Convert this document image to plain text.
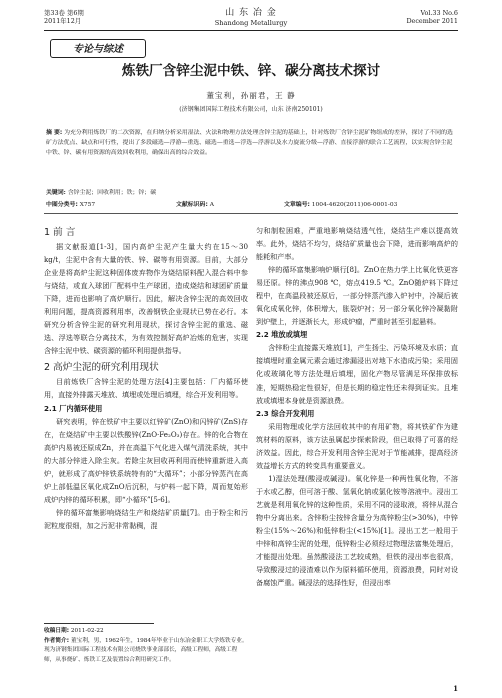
第33卷 第6期
2011年12月
山 东 冶 金
Shandong Metallurgy
Vol.33 No.6
December 2011
专论与综述
炼铁厂含锌尘泥中铁、锌、碳分离技术探讨
董宝利，孙丽君，王 静
(济钢集团国际工程技术有限公司，山东 济南250101)
摘 要: 为充分利用炼铁厂的二次资源，在归纳分析采用湿法、火法和物理方法处理含锌尘泥的基础上，针对炼铁厂含锌尘泥矿物组成的差异，探讨了不同的选矿方法优点、缺点和可行性，提出了多段磁选—浮游—重选、磁选—重选—浮选—浮游以及水力旋流分级—浮游、直接浮游的联合工艺流程，以实现含锌尘泥中铁、锌、碳有用资源的高效回收利用，确保出高的综合效益。
关键词: 含锌尘泥；回收利用；铁；锌；碳
中图分类号: X757	文献标识码: A	文章编号: 1004-4620(2011)06-0001-03
1 前 言

据文献报道[1-3]，国内高炉尘泥产生量大约在15～30 kg/t，尘泥中含有大量的铁、锌、碳等有用资源。目前，大部分企业是将高炉尘泥这种固体废弃物作为烧结原料配入混合料中参与烧结，或直入球团厂配料中生产球团，造成烧结和球团矿质量下降，进而也影响了高炉顺行。因此，解决含锌尘泥的高效回收利用问题，提高资源利用率，改善钢铁企业现状已势在必行。本研究分析含锌尘泥的研究利用现状，探讨含锌尘泥的重选、磁选、浮选等联合分离技术，为有效控制好高炉冶炼的危害，实现含锌尘泥中铁、碳资源的循环利用提供指导。

2 高炉尘泥的研究利用现状

目前炼铁厂含锌尘泥的处理方法[4]主要包括：厂内循环使用，直接外排露天堆放、填埋或处理后填埋，综合开发利用等。

2.1 厂内循环使用

研究表明，锌在铁矿中主要以红锌矿(ZnO)和闪锌矿(ZnS)存在，在烧结矿中主要以铁酸锌(ZnO·Fe₂O₃)存在。锌的化合物在高炉内易被还原成Zn，并在高温下气化进入煤气清洗系统，其中的大部分锌进入除尘灰。若除尘灰回收再利用而使锌重新进入高炉，就形成了高炉锌铁系统特有的“大循环”；小部分锌蒸汽在高炉上部低温区氧化成ZnO后沉积，与炉料一起下降，周而复始形成炉内锌的循环积累，即“小循环”[5-6]。

锌的循环富集影响烧结生产和烧结矿质量[7]。由于粉尘和污泥粒度很细，加之污泥非常黏稠，混

收稿日期: 2011-02-22
作者简介: 董宝利，男，1962年生，1984年毕业于山东冶金职工大学炼铁专业。现为济钢集团国际工程技术有限公司烧铁事业部部长，高级工程师，高级工程师，从事烧矿、炼铁工艺及装置综合利用研究工作。

匀和制粒困难，严重地影响烧结透气性，烧结生产难以提高效率。此外，烧结不均匀，烧结矿质量也会下降，进而影响高炉的能耗和产率。

锌的循环富集影响炉顺行[8]。ZnO在热力学上比氧化铁更容易还原。锌的沸点908 ℃，熔点419.5 ℃。ZnO随炉料下降过程中，在高温段被还原后，一部分锌蒸汽渗入炉衬中，冷凝后被氧化成氧化锌，体积增大，胀裂炉衬；另一部分氧化锌冷凝黏附到炉壁上，并逐渐长大，形成炉瘤，严重时甚至引起悬料。

2.2 堆放或填埋

含锌粉尘直接露天堆放[1]，产生扬尘、污染环境及水质；直接填埋时重金属元素会通过渗漏浸出对地下水造成污染；采用固化或玻璃化等方法处理后填埋，固化产物尽管满足环保排放标准，短期热稳定性很好，但是长期的稳定性还未得到证实。且堆放或填埋本身就是资源浪费。

2.3 综合开发利用

采用物理或化学方法回收其中的有用矿物，将其铁矿作为建筑材料的原料，该方法虽属起步探索阶段，但已取得了可喜的经济效益。因此，综合开发利用含锌尘泥对于节能减排，提高经济效益增长方式的转变具有重要意义。

1)湿法处理(酸浸或碱浸)。氧化锌是一种两性氧化物，不溶于水或乙醇，但可溶于酸、氢氧化钠或氯化铵等溶液中。浸出工艺就是利用氧化锌的这种性质，采用不同的浸取液，将锌从混合物中分离出来。含锌粉尘按锌含量分为高锌粉尘(>30%)，中锌粉尘(15%～26%)和低锌粉尘(<15%)[1]。浸出工艺一般用于中锌和高锌尘泥的处理，低锌粉尘必须经过物理法富集处理后，才能提出处理。虽然酸浸法工艺较成熟，但铁的浸出率也很高，导致酸浸过的浸渣难以作为原料循环使用，资源浪费，同时对设备腐蚀严重。碱浸法的选择性好，但浸出率

1
